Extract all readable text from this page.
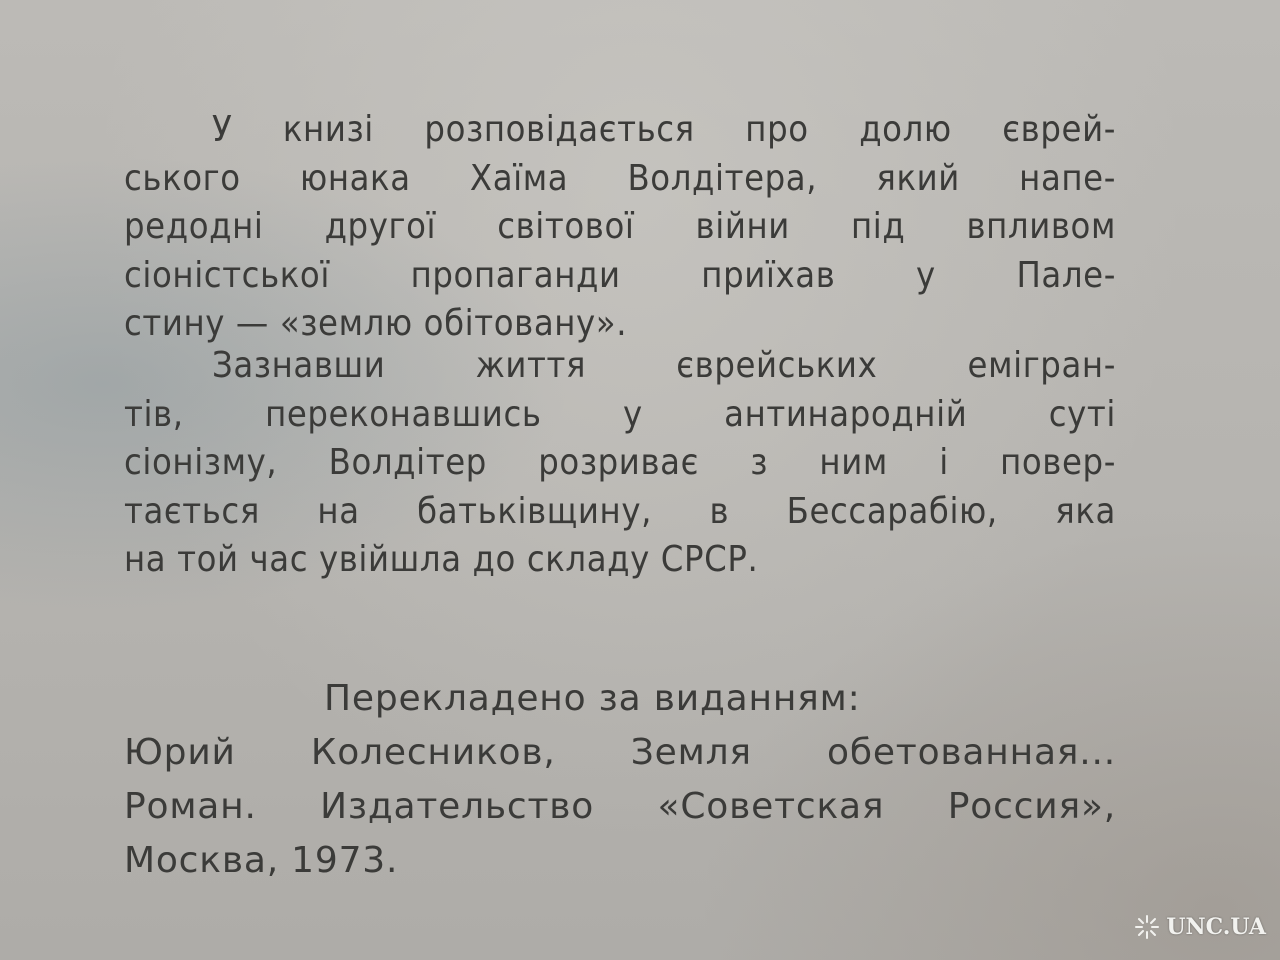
У книзі розповідається про долю єврей-
ського юнака Хаїма Волдітера, який напе-
редодні другої світової війни під впливом
сіоністської пропаганди приїхав у Пале-
стину — «землю обітовану».
Зазнавши життя єврейських емігран-
тів, переконавшись у антинародній суті
сіонізму, Волдітер розриває з ним і повер-
тається на батьківщину, в Бессарабію, яка
на той час увійшла до складу СРСР.
Перекладено за виданням:
Юрий Колесников, Земля обетованная...
Роман. Издательство «Советская Россия»,
Москва, 1973.
UNC.UA
